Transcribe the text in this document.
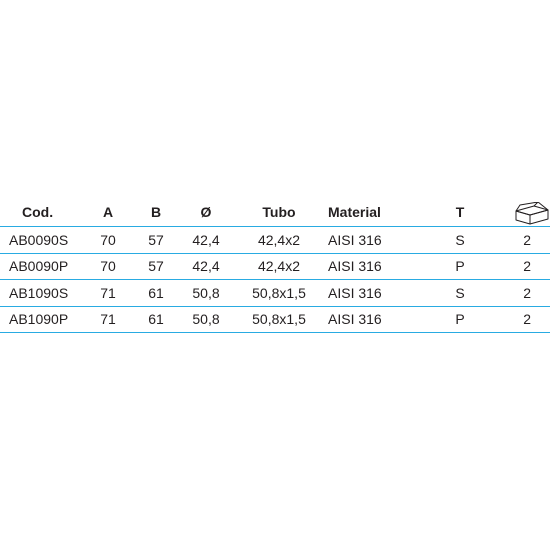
Cod.	A	B	Ø	Tubo	Material	T	
AB0090S	70	57	42,4	42,4x2	AISI 316	S	2
AB0090P	70	57	42,4	42,4x2	AISI 316	P	2
AB1090S	71	61	50,8	50,8x1,5	AISI 316	S	2
AB1090P	71	61	50,8	50,8x1,5	AISI 316	P	2
